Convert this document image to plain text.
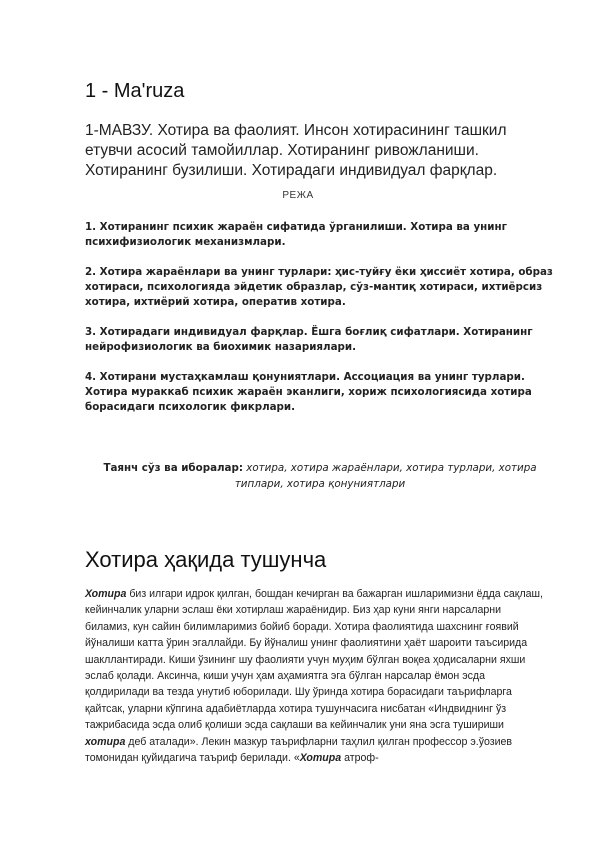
1 - Ma'ruza

1-МАВЗУ. Хотира ва фаолият. Инсон хотирасининг ташкил етувчи асосий тамойиллар. Хотиранинг ривожланиши. Хотиранинг бузилиши. Хотирадаги индивидуал фарқлар.

РЕЖА
1. Хотиранинг психик жараён сифатида ўрганилиши. Хотира ва унинг психифизиологик механизмлари.
2. Хотира жараёнлари ва унинг турлари: ҳис-туйғу ёки ҳиссиёт хотира, образ хотираси, психологияда эйдетик образлар, сўз-мантиқ хотираси, ихтиёрсиз хотира, ихтиёрий хотира, оператив хотира.
3. Хотирадаги индивидуал фарқлар. Ёшга боғлиқ сифатлари. Хотиранинг нейрофизиологик ва биохимик назариялари.
4. Хотирани мустаҳкамлаш қонуниятлари. Ассоциация ва унинг турлари. Хотира мураккаб психик жараён эканлиги, хориж психологиясида хотира борасидаги психологик фикрлари.
Таянч сўз ва иборалар: хотира, хотира жараёнлари, хотира турлари, хотира типлари, хотира қонуниятлари
Хотира ҳақида тушунча

Хотира биз илгари идрок қилган, бошдан кечирган ва бажарган ишларимизни ёдда сақлаш, кейинчалик уларни эслаш ёки хотирлаш жараёнидир. Биз ҳар куни янги нарсаларни биламиз, кун сайин билимларимиз бойиб боради. Хотира фаолиятида шахснинг ғоявий йўналиши катта ўрин эгаллайди. Бу йўналиш унинг фаолиятини ҳаёт шароити таъсирида шакллантиради. Киши ўзининг шу фаолияти учун муҳим бўлган воқеа ҳодисаларни яхши эслаб қолади. Аксинча, киши учун ҳам аҳамиятга эга бўлган нарсалар ёмон эсда қолдирилади ва тезда унутиб юборилади. Шу ўринда хотира борасидаги таърифларга қайтсак, уларни кўпгина адабиётларда хотира тушунчасига нисбатан «Индвиднинг ўз тажрибасида эсда олиб қолиши эсда сақлаши ва кейинчалик уни яна эсга тушириши хотира деб аталади». Лекин мазкур таърифларни таҳлил қилган профессор э.ўозиев томонидан қуйидагича таъриф берилади. «Хотира атроф-
